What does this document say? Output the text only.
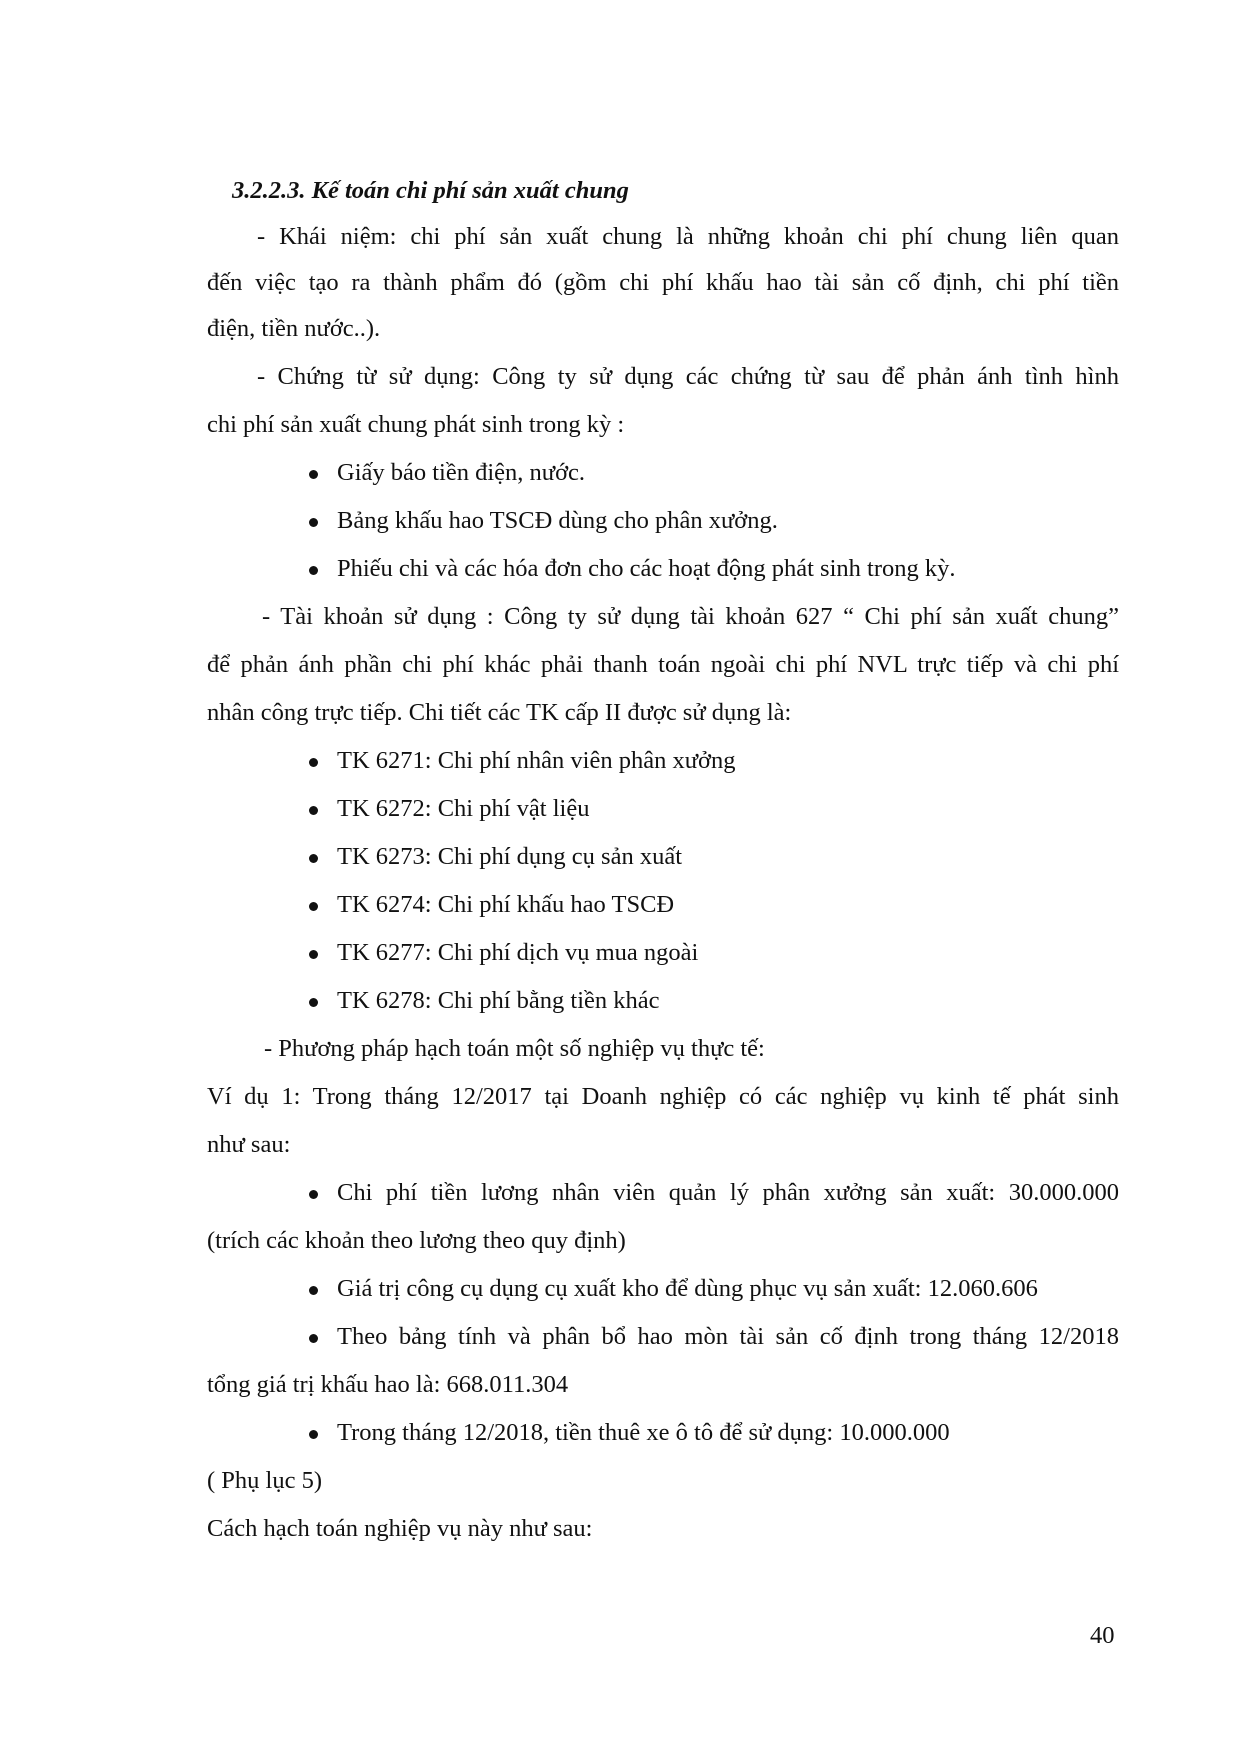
3.2.2.3. Kế toán chi phí sản xuất chung
- Khái niệm: chi phí sản xuất chung là những khoản chi phí chung liên quan
đến việc tạo ra thành phẩm đó (gồm chi phí khấu hao tài sản cố định, chi phí tiền
điện, tiền nước..).
- Chứng từ sử dụng: Công ty sử dụng các chứng từ sau để phản ánh tình hình
chi phí sản xuất chung phát sinh trong kỳ :
Giấy báo tiền điện, nước.
Bảng khấu hao TSCĐ dùng cho phân xưởng.
Phiếu chi và các hóa đơn cho các hoạt động phát sinh trong kỳ.
- Tài khoản sử dụng : Công ty sử dụng tài khoản 627 “ Chi phí sản xuất chung”
để phản ánh phần chi phí khác phải thanh toán ngoài chi phí NVL trực tiếp và chi phí
nhân công trực tiếp. Chi tiết các TK cấp II được sử dụng là:
TK 6271: Chi phí nhân viên phân xưởng
TK 6272: Chi phí vật liệu
TK 6273: Chi phí dụng cụ sản xuất
TK 6274: Chi phí khấu hao TSCĐ
TK 6277: Chi phí dịch vụ mua ngoài
TK 6278: Chi phí bằng tiền khác
- Phương pháp hạch toán một số nghiệp vụ thực tế:
Ví dụ 1: Trong tháng 12/2017 tại Doanh nghiệp có các nghiệp vụ kinh tế phát sinh
như sau:
Chi phí tiền lương nhân viên quản lý phân xưởng sản xuất: 30.000.000
(trích các khoản theo lương theo quy định)
Giá trị công cụ dụng cụ xuất kho để dùng phục vụ sản xuất: 12.060.606
Theo bảng tính và phân bổ hao mòn tài sản cố định trong tháng 12/2018
tổng giá trị khấu hao là: 668.011.304
Trong tháng 12/2018, tiền thuê xe ô tô để sử dụng: 10.000.000
( Phụ lục 5)
Cách hạch toán nghiệp vụ này như sau:
40
